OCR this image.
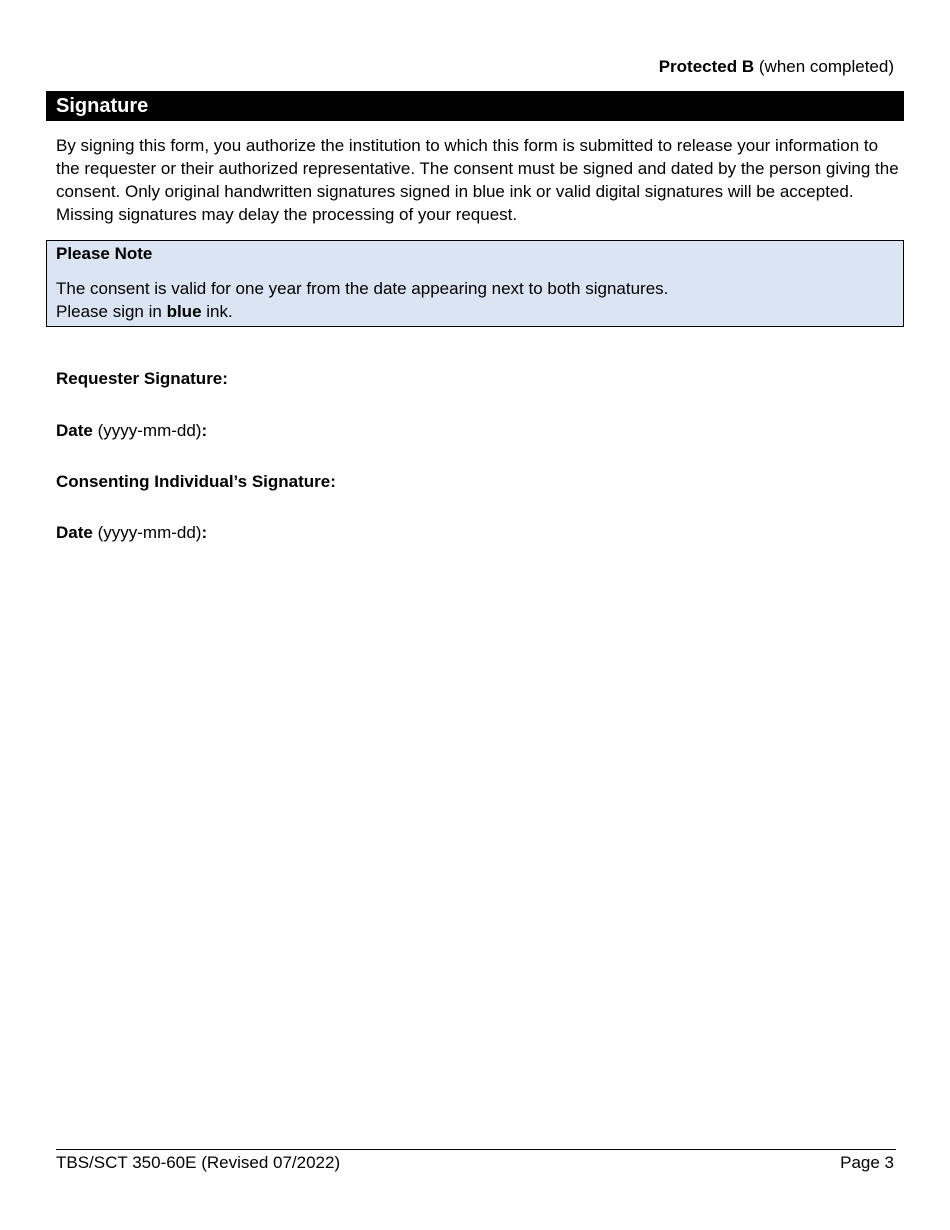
Protected B (when completed)
Signature

By signing this form, you authorize the institution to which this form is submitted to release your information to the requester or their authorized representative. The consent must be signed and dated by the person giving the consent. Only original handwritten signatures signed in blue ink or valid digital signatures will be accepted. Missing signatures may delay the processing of your request.

Please Note

The consent is valid for one year from the date appearing next to both signatures.
Please sign in blue ink.

Requester Signature:
Date (yyyy-mm-dd):
Consenting Individual’s Signature:
Date (yyyy-mm-dd):
TBS/SCT 350-60E (Revised 07/2022)	Page 3
